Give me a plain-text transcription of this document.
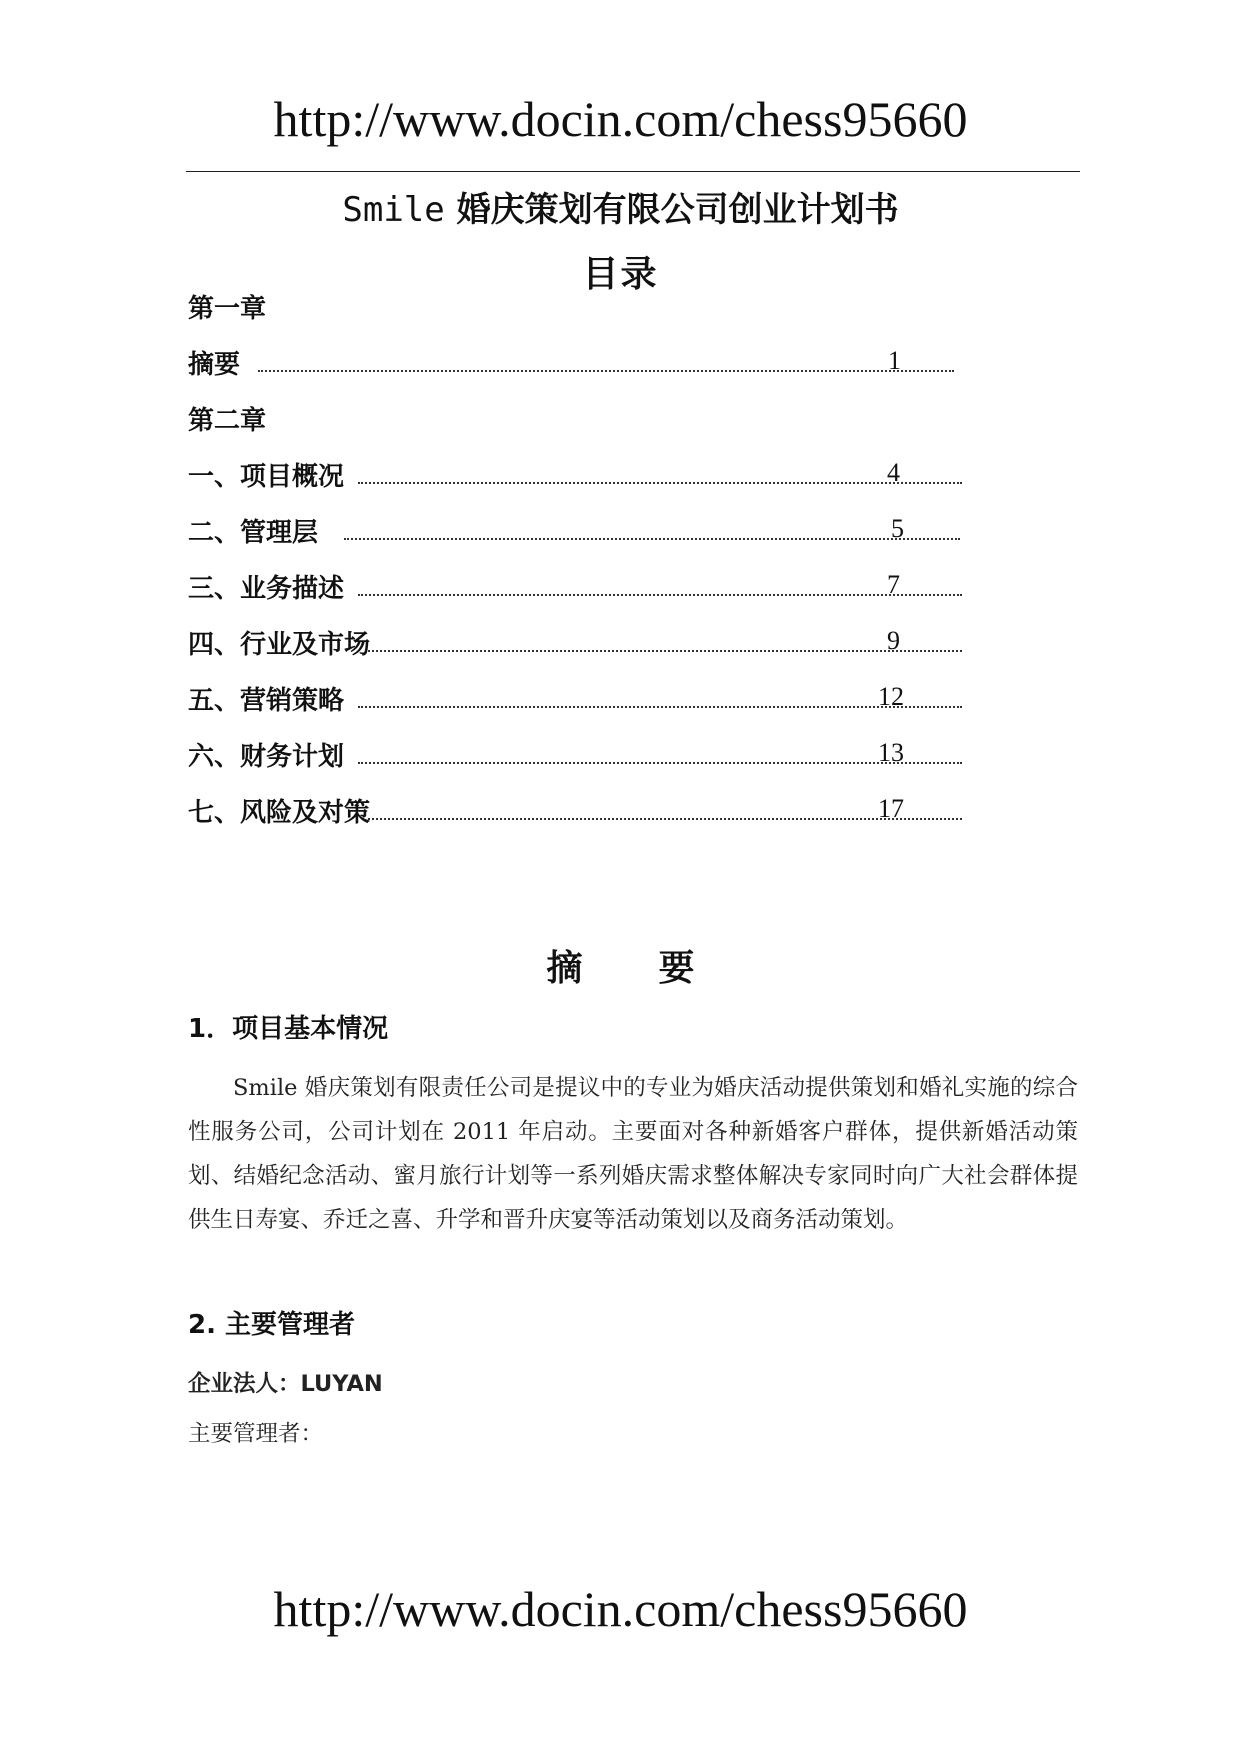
http://www.docin.com/chess95660
Smile 婚庆策划有限公司创业计划书
目录
第一章
摘要	1
第二章
一、项目概况	4
二、管理层	5
三、业务描述	7
四、行业及市场	9
五、营销策略	12
六、财务计划	13
七、风险及对策	17
摘 要
1．项目基本情况

Smile 婚庆策划有限责任公司是提议中的专业为婚庆活动提供策划和婚礼实施的综合性服务公司，公司计划在 2011 年启动。主要面对各种新婚客户群体，提供新婚活动策划、结婚纪念活动、蜜月旅行计划等一系列婚庆需求整体解决专家同时向广大社会群体提供生日寿宴、乔迁之喜、升学和晋升庆宴等活动策划以及商务活动策划。

2. 主要管理者
企业法人：LUYAN
主要管理者：
http://www.docin.com/chess95660
